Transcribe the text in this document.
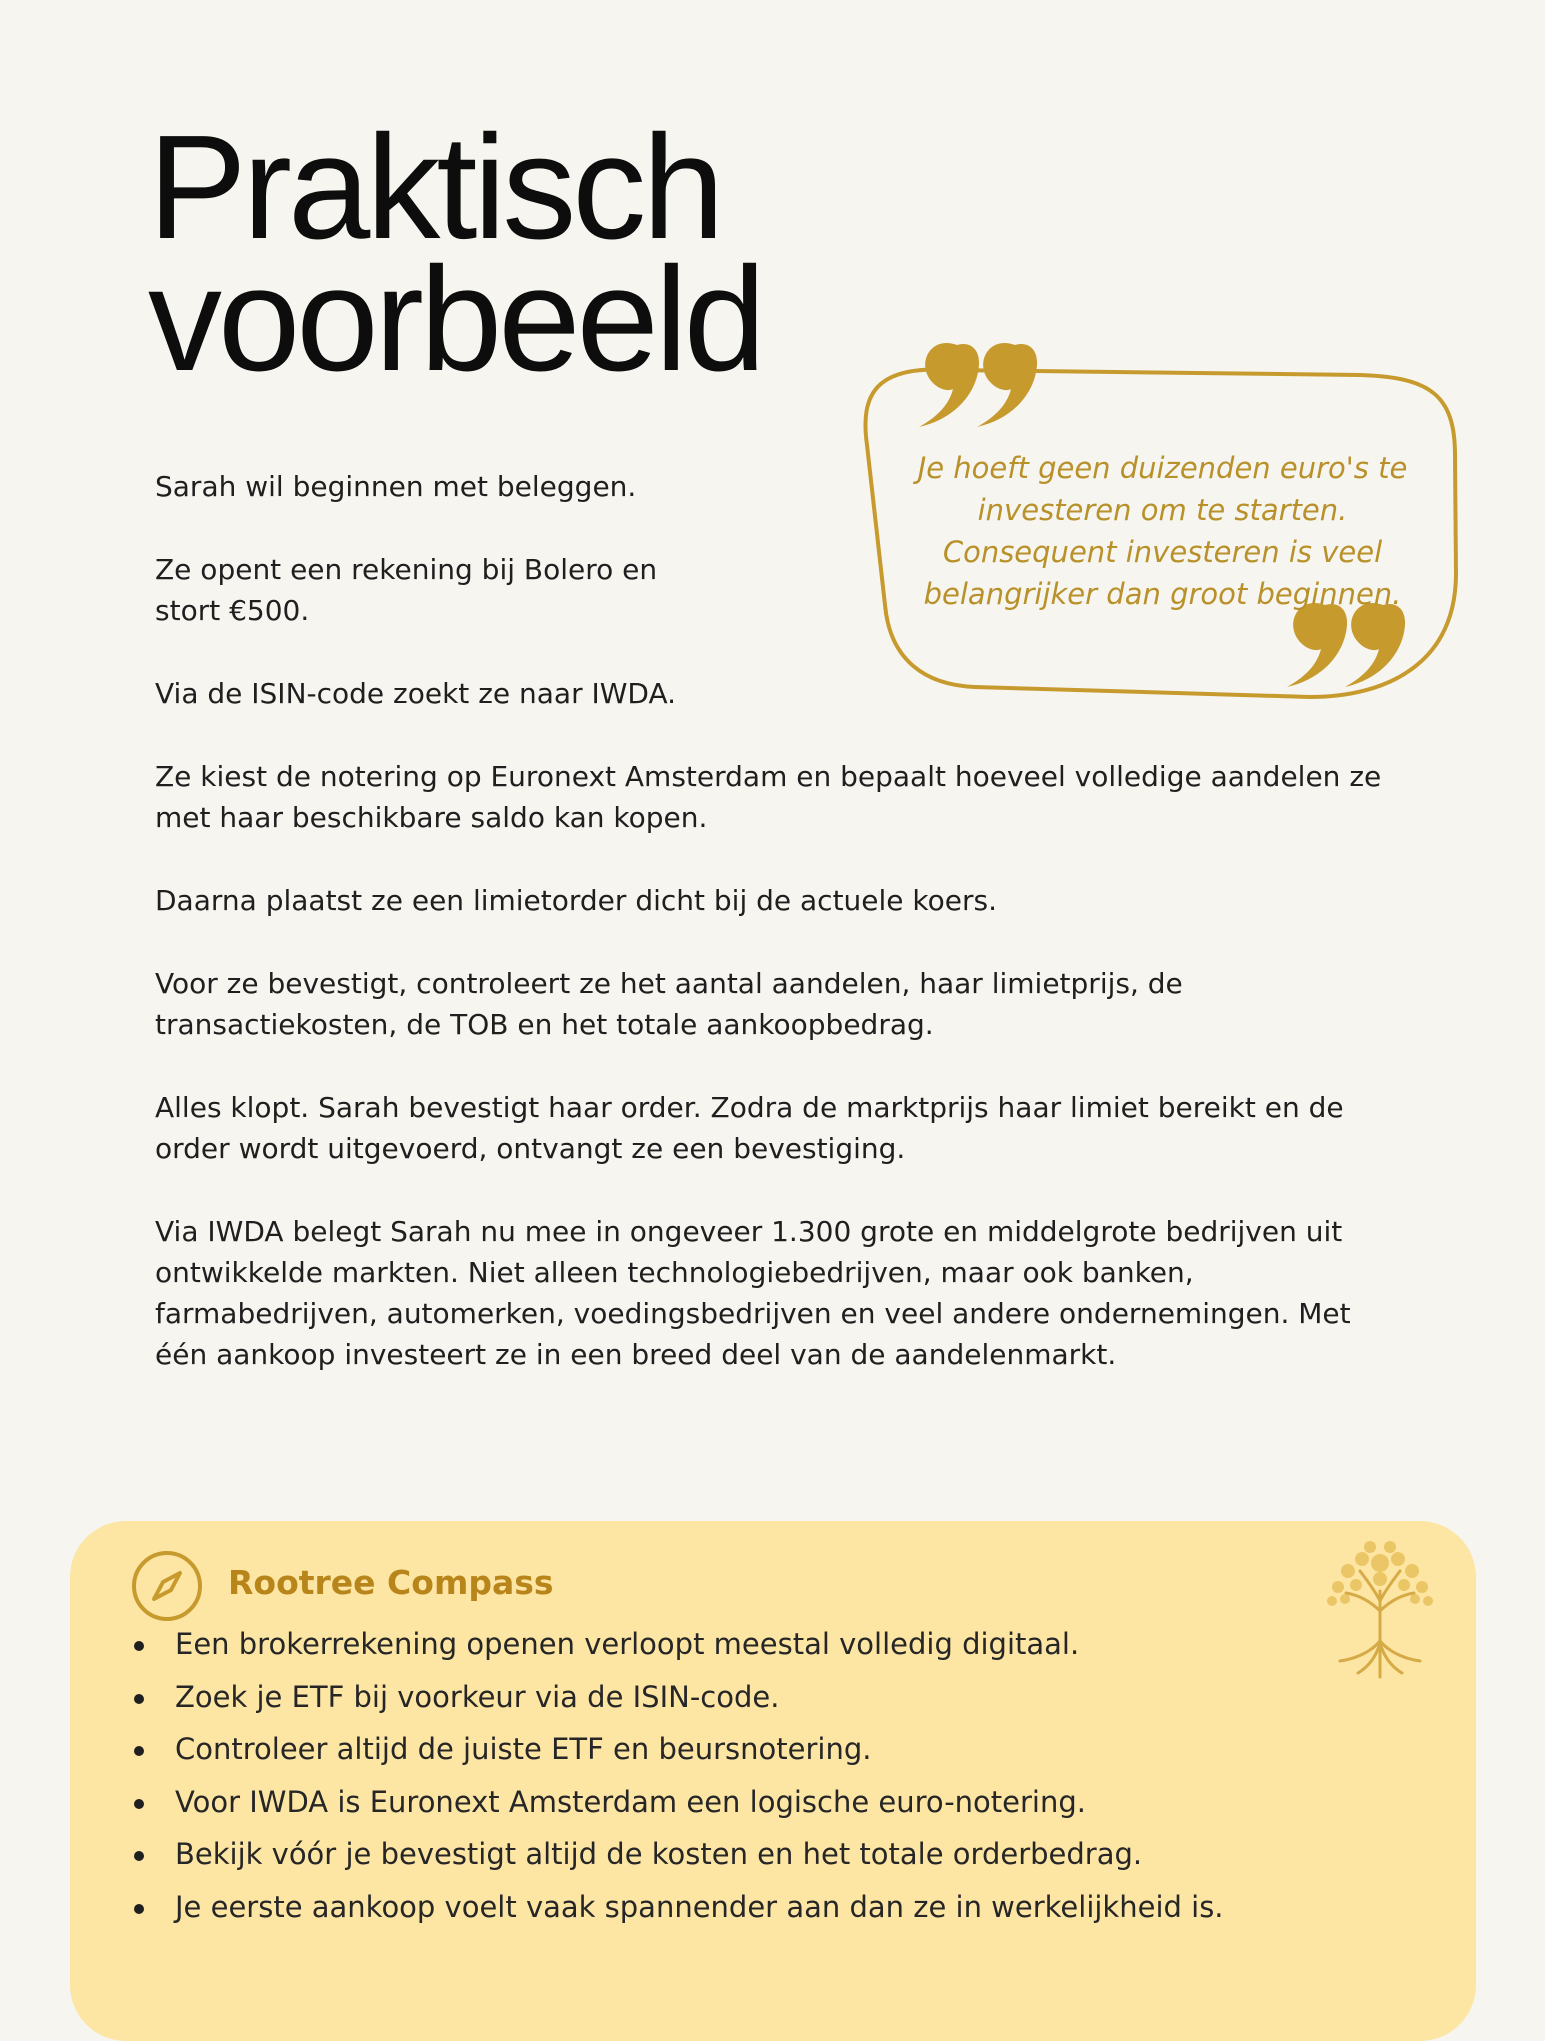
Praktisch
voorbeeld
Je hoeft geen duizenden euro's te investeren om te starten. Consequent investeren is veel belangrijker dan groot beginnen.

Sarah wil beginnen met beleggen.

Ze opent een rekening bij Bolero en stort €500.

Via de ISIN-code zoekt ze naar IWDA.

Ze kiest de notering op Euronext Amsterdam en bepaalt hoeveel volledige aandelen ze met haar beschikbare saldo kan kopen.

Daarna plaatst ze een limietorder dicht bij de actuele koers.

Voor ze bevestigt, controleert ze het aantal aandelen, haar limietprijs, de transactiekosten, de TOB en het totale aankoopbedrag.

Alles klopt. Sarah bevestigt haar order. Zodra de marktprijs haar limiet bereikt en de order wordt uitgevoerd, ontvangt ze een bevestiging.

Via IWDA belegt Sarah nu mee in ongeveer 1.300 grote en middelgrote bedrijven uit ontwikkelde markten. Niet alleen technologiebedrijven, maar ook banken, farmabedrijven, automerken, voedingsbedrijven en veel andere ondernemingen. Met één aankoop investeert ze in een breed deel van de aandelenmarkt.

Rootree Compass
Een brokerrekening openen verloopt meestal volledig digitaal.
Zoek je ETF bij voorkeur via de ISIN-code.
Controleer altijd de juiste ETF en beursnotering.
Voor IWDA is Euronext Amsterdam een logische euro-notering.
Bekijk vóór je bevestigt altijd de kosten en het totale orderbedrag.
Je eerste aankoop voelt vaak spannender aan dan ze in werkelijkheid is.
